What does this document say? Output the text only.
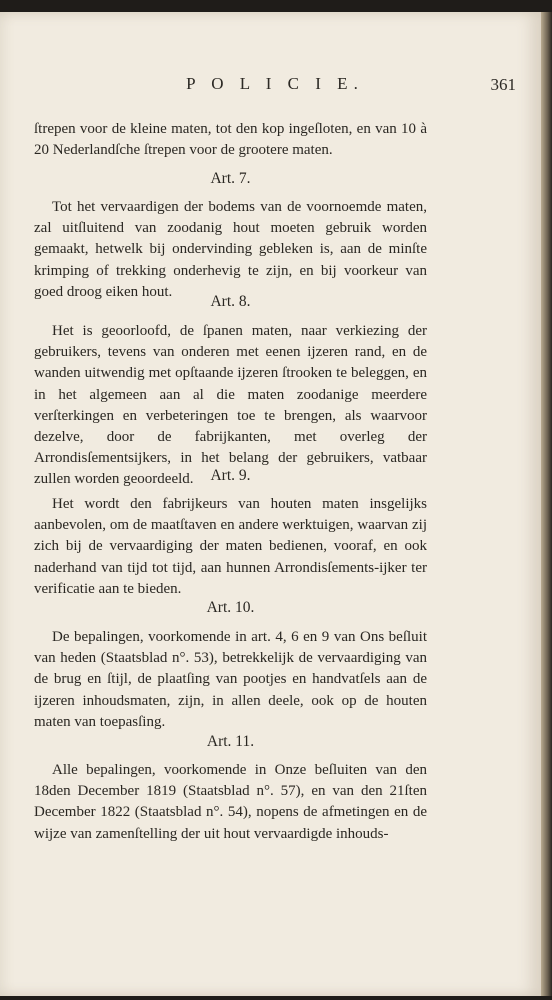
P O L I C I E.	361
ſtrepen voor de kleine maten, tot den kop ingeſloten, en van 10 à 20 Nederlandſche ſtrepen voor de grootere maten.
Art. 7.
Tot het vervaardigen der bodems van de voornoemde maten, zal uitſluitend van zoodanig hout moeten gebruik worden gemaakt, hetwelk bij ondervinding gebleken is, aan de minſte krimping of trekking onderhevig te zijn, en bij voorkeur van goed droog eiken hout.
Art. 8.
Het is geoorloofd, de ſpanen maten, naar verkiezing der gebruikers, tevens van onderen met eenen ijzeren rand, en de wanden uitwendig met opſtaande ijzeren ſtrooken te beleggen, en in het algemeen aan al die maten zoodanige meerdere verſterkingen en verbeteringen toe te brengen, als waarvoor dezelve, door de fabrijkanten, met overleg der Arrondisſementsijkers, in het belang der gebruikers, vatbaar zullen worden geoordeeld.	Art. 9.
Het wordt den fabrijkeurs van houten maten insgelijks aanbevolen, om de maatſtaven en andere werktuigen, waarvan zij zich bij de vervaardiging der maten bedienen, vooraf, en ook naderhand van tijd tot tijd, aan hunnen Arrondisſements-ijker ter verificatie aan te bieden.
Art. 10.
De bepalingen, voorkomende in art. 4, 6 en 9 van Ons beſluit van heden (Staatsblad n°. 53), betrekkelijk de vervaardiging van de brug en ſtijl, de plaatſing van pootjes en handvatſels aan de ijzeren inhoudsmaten, zijn, in allen deele, ook op de houten maten van toepasſing.
Art. 11.
Alle bepalingen, voorkomende in Onze beſluiten van den 18den December 1819 (Staatsblad n°. 57), en van den 21ſten December 1822 (Staatsblad n°. 54), nopens de afmetingen en de wijze van zamenſtelling der uit hout vervaardigde inhouds-
